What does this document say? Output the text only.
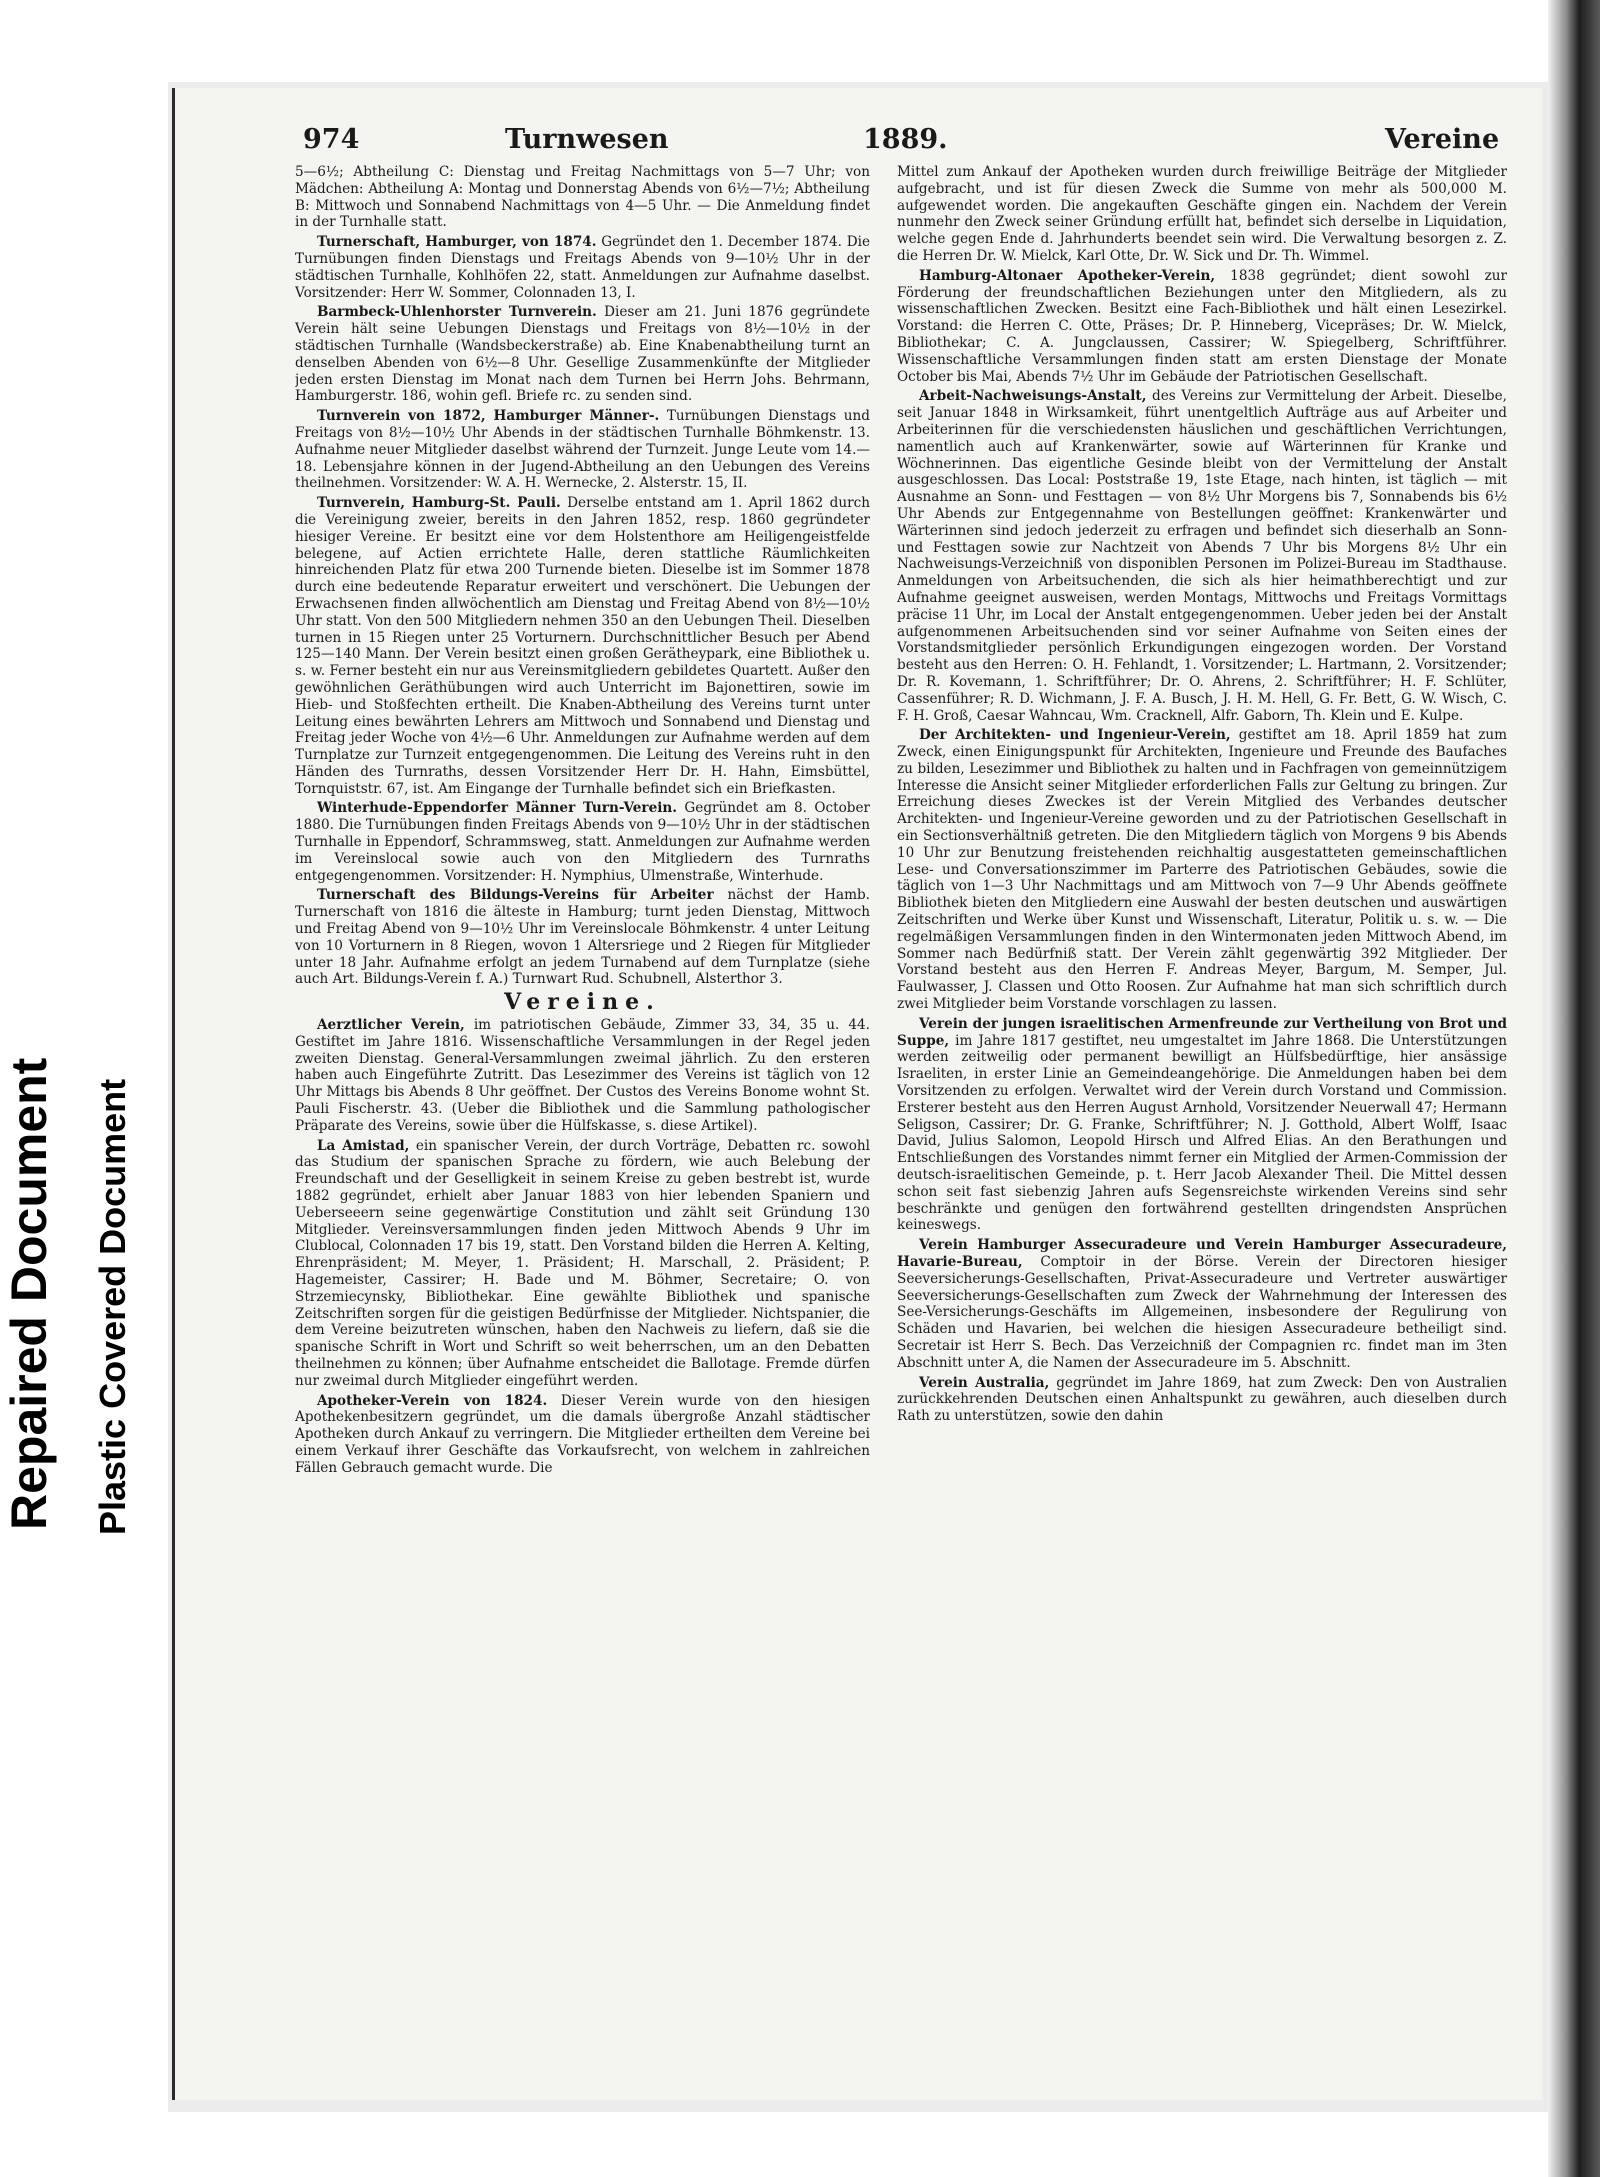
Repaired Document Plastic Covered Document
974	Turnwesen	1889.	Vereine

5—6½; Abtheilung C: Dienstag und Freitag Nachmittags von 5—7 Uhr; von Mädchen: Abtheilung A: Montag und Donnerstag Abends von 6½—7½; Abtheilung B: Mittwoch und Sonnabend Nachmittags von 4—5 Uhr. — Die Anmeldung findet in der Turnhalle statt.

Turnerschaft, Hamburger, von 1874. Gegründet den 1. December 1874. Die Turnübungen finden Dienstags und Freitags Abends von 9—10½ Uhr in der städtischen Turnhalle, Kohlhöfen 22, statt. Anmeldungen zur Aufnahme daselbst. Vorsitzender: Herr W. Sommer, Colonnaden 13, I.

Barmbeck-Uhlenhorster Turnverein. Dieser am 21. Juni 1876 gegründete Verein hält seine Uebungen Dienstags und Freitags von 8½—10½ in der städtischen Turnhalle (Wandsbeckerstraße) ab. Eine Knabenabtheilung turnt an denselben Abenden von 6½—8 Uhr. Gesellige Zusammenkünfte der Mitglieder jeden ersten Dienstag im Monat nach dem Turnen bei Herrn Johs. Behrmann, Hamburgerstr. 186, wohin gefl. Briefe rc. zu senden sind.

Turnverein von 1872, Hamburger Männer-. Turnübungen Dienstags und Freitags von 8½—10½ Uhr Abends in der städtischen Turnhalle Böhmkenstr. 13. Aufnahme neuer Mitglieder daselbst während der Turnzeit. Junge Leute vom 14.—18. Lebensjahre können in der Jugend-Abtheilung an den Uebungen des Vereins theilnehmen. Vorsitzender: W. A. H. Wernecke, 2. Alsterstr. 15, II.

Turnverein, Hamburg-St. Pauli. Derselbe entstand am 1. April 1862 durch die Vereinigung zweier, bereits in den Jahren 1852, resp. 1860 gegründeter hiesiger Vereine. Er besitzt eine vor dem Holstenthore am Heiligengeistfelde belegene, auf Actien errichtete Halle, deren stattliche Räumlichkeiten hinreichenden Platz für etwa 200 Turnende bieten. Dieselbe ist im Sommer 1878 durch eine bedeutende Reparatur erweitert und verschönert. Die Uebungen der Erwachsenen finden allwöchentlich am Dienstag und Freitag Abend von 8½—10½ Uhr statt. Von den 500 Mitgliedern nehmen 350 an den Uebungen Theil. Dieselben turnen in 15 Riegen unter 25 Vorturnern. Durchschnittlicher Besuch per Abend 125—140 Mann. Der Verein besitzt einen großen Gerätheypark, eine Bibliothek u. s. w. Ferner besteht ein nur aus Vereinsmitgliedern gebildetes Quartett. Außer den gewöhnlichen Geräthübungen wird auch Unterricht im Bajonettiren, sowie im Hieb- und Stoßfechten ertheilt. Die Knaben-Abtheilung des Vereins turnt unter Leitung eines bewährten Lehrers am Mittwoch und Sonnabend und Dienstag und Freitag jeder Woche von 4½—6 Uhr. Anmeldungen zur Aufnahme werden auf dem Turnplatze zur Turnzeit entgegengenommen. Die Leitung des Vereins ruht in den Händen des Turnraths, dessen Vorsitzender Herr Dr. H. Hahn, Eimsbüttel, Tornquiststr. 67, ist. Am Eingange der Turnhalle befindet sich ein Briefkasten.

Winterhude-Eppendorfer Männer Turn-Verein. Gegründet am 8. October 1880. Die Turnübungen finden Freitags Abends von 9—10½ Uhr in der städtischen Turnhalle in Eppendorf, Schrammsweg, statt. Anmeldungen zur Aufnahme werden im Vereinslocal sowie auch von den Mitgliedern des Turnraths entgegengenommen. Vorsitzender: H. Nymphius, Ulmenstraße, Winterhude.

Turnerschaft des Bildungs-Vereins für Arbeiter nächst der Hamb. Turnerschaft von 1816 die älteste in Hamburg; turnt jeden Dienstag, Mittwoch und Freitag Abend von 9—10½ Uhr im Vereinslocale Böhmkenstr. 4 unter Leitung von 10 Vorturnern in 8 Riegen, wovon 1 Altersriege und 2 Riegen für Mitglieder unter 18 Jahr. Aufnahme erfolgt an jedem Turnabend auf dem Turnplatze (siehe auch Art. Bildungs-Verein f. A.) Turnwart Rud. Schubnell, Alsterthor 3.

Vereine.

Aerztlicher Verein, im patriotischen Gebäude, Zimmer 33, 34, 35 u. 44. Gestiftet im Jahre 1816. Wissenschaftliche Versammlungen in der Regel jeden zweiten Dienstag. General-Versammlungen zweimal jährlich. Zu den ersteren haben auch Eingeführte Zutritt. Das Lesezimmer des Vereins ist täglich von 12 Uhr Mittags bis Abends 8 Uhr geöffnet. Der Custos des Vereins Bonome wohnt St. Pauli Fischerstr. 43. (Ueber die Bibliothek und die Sammlung pathologischer Präparate des Vereins, sowie über die Hülfskasse, s. diese Artikel).

La Amistad, ein spanischer Verein, der durch Vorträge, Debatten rc. sowohl das Studium der spanischen Sprache zu fördern, wie auch Belebung der Freundschaft und der Geselligkeit in seinem Kreise zu geben bestrebt ist, wurde 1882 gegründet, erhielt aber Januar 1883 von hier lebenden Spaniern und Ueberseeern seine gegenwärtige Constitution und zählt seit Gründung 130 Mitglieder. Vereinsversammlungen finden jeden Mittwoch Abends 9 Uhr im Clublocal, Colonnaden 17 bis 19, statt. Den Vorstand bilden die Herren A. Kelting, Ehrenpräsident; M. Meyer, 1. Präsident; H. Marschall, 2. Präsident; P. Hagemeister, Cassirer; H. Bade und M. Böhmer, Secretaire; O. von Strzemiecynsky, Bibliothekar. Eine gewählte Bibliothek und spanische Zeitschriften sorgen für die geistigen Bedürfnisse der Mitglieder. Nichtspanier, die dem Vereine beizutreten wünschen, haben den Nachweis zu liefern, daß sie die spanische Schrift in Wort und Schrift so weit beherrschen, um an den Debatten theilnehmen zu können; über Aufnahme entscheidet die Ballotage. Fremde dürfen nur zweimal durch Mitglieder eingeführt werden.

Apotheker-Verein von 1824. Dieser Verein wurde von den hiesigen Apothekenbesitzern gegründet, um die damals übergroße Anzahl städtischer Apotheken durch Ankauf zu verringern. Die Mitglieder ertheilten dem Vereine bei einem Verkauf ihrer Geschäfte das Vorkaufsrecht, von welchem in zahlreichen Fällen Gebrauch gemacht wurde. Die

Mittel zum Ankauf der Apotheken wurden durch freiwillige Beiträge der Mitglieder aufgebracht, und ist für diesen Zweck die Summe von mehr als 500,000 M. aufgewendet worden. Die angekauften Geschäfte gingen ein. Nachdem der Verein nunmehr den Zweck seiner Gründung erfüllt hat, befindet sich derselbe in Liquidation, welche gegen Ende d. Jahrhunderts beendet sein wird. Die Verwaltung besorgen z. Z. die Herren Dr. W. Mielck, Karl Otte, Dr. W. Sick und Dr. Th. Wimmel.

Hamburg-Altonaer Apotheker-Verein, 1838 gegründet; dient sowohl zur Förderung der freundschaftlichen Beziehungen unter den Mitgliedern, als zu wissenschaftlichen Zwecken. Besitzt eine Fach-Bibliothek und hält einen Lesezirkel. Vorstand: die Herren C. Otte, Präses; Dr. P. Hinneberg, Vicepräses; Dr. W. Mielck, Bibliothekar; C. A. Jungclaussen, Cassirer; W. Spiegelberg, Schriftführer. Wissenschaftliche Versammlungen finden statt am ersten Dienstage der Monate October bis Mai, Abends 7½ Uhr im Gebäude der Patriotischen Gesellschaft.

Arbeit-Nachweisungs-Anstalt, des Vereins zur Vermittelung der Arbeit. Dieselbe, seit Januar 1848 in Wirksamkeit, führt unentgeltlich Aufträge aus auf Arbeiter und Arbeiterinnen für die verschiedensten häuslichen und geschäftlichen Verrichtungen, namentlich auch auf Krankenwärter, sowie auf Wärterinnen für Kranke und Wöchnerinnen. Das eigentliche Gesinde bleibt von der Vermittelung der Anstalt ausgeschlossen. Das Local: Poststraße 19, 1ste Etage, nach hinten, ist täglich — mit Ausnahme an Sonn- und Festtagen — von 8½ Uhr Morgens bis 7, Sonnabends bis 6½ Uhr Abends zur Entgegennahme von Bestellungen geöffnet: Krankenwärter und Wärterinnen sind jedoch jederzeit zu erfragen und befindet sich dieserhalb an Sonn- und Festtagen sowie zur Nachtzeit von Abends 7 Uhr bis Morgens 8½ Uhr ein Nachweisungs-Verzeichniß von disponiblen Personen im Polizei-Bureau im Stadthause. Anmeldungen von Arbeitsuchenden, die sich als hier heimathberechtigt und zur Aufnahme geeignet ausweisen, werden Montags, Mittwochs und Freitags Vormittags präcise 11 Uhr, im Local der Anstalt entgegengenommen. Ueber jeden bei der Anstalt aufgenommenen Arbeitsuchenden sind vor seiner Aufnahme von Seiten eines der Vorstandsmitglieder persönlich Erkundigungen eingezogen worden. Der Vorstand besteht aus den Herren: O. H. Fehlandt, 1. Vorsitzender; L. Hartmann, 2. Vorsitzender; Dr. R. Kovemann, 1. Schriftführer; Dr. O. Ahrens, 2. Schriftführer; H. F. Schlüter, Cassenführer; R. D. Wichmann, J. F. A. Busch, J. H. M. Hell, G. Fr. Bett, G. W. Wisch, C. F. H. Groß, Caesar Wahncau, Wm. Cracknell, Alfr. Gaborn, Th. Klein und E. Kulpe.

Der Architekten- und Ingenieur-Verein, gestiftet am 18. April 1859 hat zum Zweck, einen Einigungspunkt für Architekten, Ingenieure und Freunde des Baufaches zu bilden, Lesezimmer und Bibliothek zu halten und in Fachfragen von gemeinnützigem Interesse die Ansicht seiner Mitglieder erforderlichen Falls zur Geltung zu bringen. Zur Erreichung dieses Zweckes ist der Verein Mitglied des Verbandes deutscher Architekten- und Ingenieur-Vereine geworden und zu der Patriotischen Gesellschaft in ein Sectionsverhältniß getreten. Die den Mitgliedern täglich von Morgens 9 bis Abends 10 Uhr zur Benutzung freistehenden reichhaltig ausgestatteten gemeinschaftlichen Lese- und Conversationszimmer im Parterre des Patriotischen Gebäudes, sowie die täglich von 1—3 Uhr Nachmittags und am Mittwoch von 7—9 Uhr Abends geöffnete Bibliothek bieten den Mitgliedern eine Auswahl der besten deutschen und auswärtigen Zeitschriften und Werke über Kunst und Wissenschaft, Literatur, Politik u. s. w. — Die regelmäßigen Versammlungen finden in den Wintermonaten jeden Mittwoch Abend, im Sommer nach Bedürfniß statt. Der Verein zählt gegenwärtig 392 Mitglieder. Der Vorstand besteht aus den Herren F. Andreas Meyer, Bargum, M. Semper, Jul. Faulwasser, J. Classen und Otto Roosen. Zur Aufnahme hat man sich schriftlich durch zwei Mitglieder beim Vorstande vorschlagen zu lassen.

Verein der jungen israelitischen Armenfreunde zur Vertheilung von Brot und Suppe, im Jahre 1817 gestiftet, neu umgestaltet im Jahre 1868. Die Unterstützungen werden zeitweilig oder permanent bewilligt an Hülfsbedürftige, hier ansässige Israeliten, in erster Linie an Gemeindeangehörige. Die Anmeldungen haben bei dem Vorsitzenden zu erfolgen. Verwaltet wird der Verein durch Vorstand und Commission. Ersterer besteht aus den Herren August Arnhold, Vorsitzender Neuerwall 47; Hermann Seligson, Cassirer; Dr. G. Franke, Schriftführer; N. J. Gotthold, Albert Wolff, Isaac David, Julius Salomon, Leopold Hirsch und Alfred Elias. An den Berathungen und Entschließungen des Vorstandes nimmt ferner ein Mitglied der Armen-Commission der deutsch-israelitischen Gemeinde, p. t. Herr Jacob Alexander Theil. Die Mittel dessen schon seit fast siebenzig Jahren aufs Segensreichste wirkenden Vereins sind sehr beschränkte und genügen den fortwährend gestellten dringendsten Ansprüchen keineswegs.

Verein Hamburger Assecuradeure und Verein Hamburger Assecuradeure, Havarie-Bureau, Comptoir in der Börse. Verein der Directoren hiesiger Seeversicherungs-Gesellschaften, Privat-Assecuradeure und Vertreter auswärtiger Seeversicherungs-Gesellschaften zum Zweck der Wahrnehmung der Interessen des See-Versicherungs-Geschäfts im Allgemeinen, insbesondere der Regulirung von Schäden und Havarien, bei welchen die hiesigen Assecuradeure betheiligt sind. Secretair ist Herr S. Bech. Das Verzeichniß der Compagnien rc. findet man im 3ten Abschnitt unter A, die Namen der Assecuradeure im 5. Abschnitt.

Verein Australia, gegründet im Jahre 1869, hat zum Zweck: Den von Australien zurückkehrenden Deutschen einen Anhaltspunkt zu gewähren, auch dieselben durch Rath zu unterstützen, sowie den dahin
